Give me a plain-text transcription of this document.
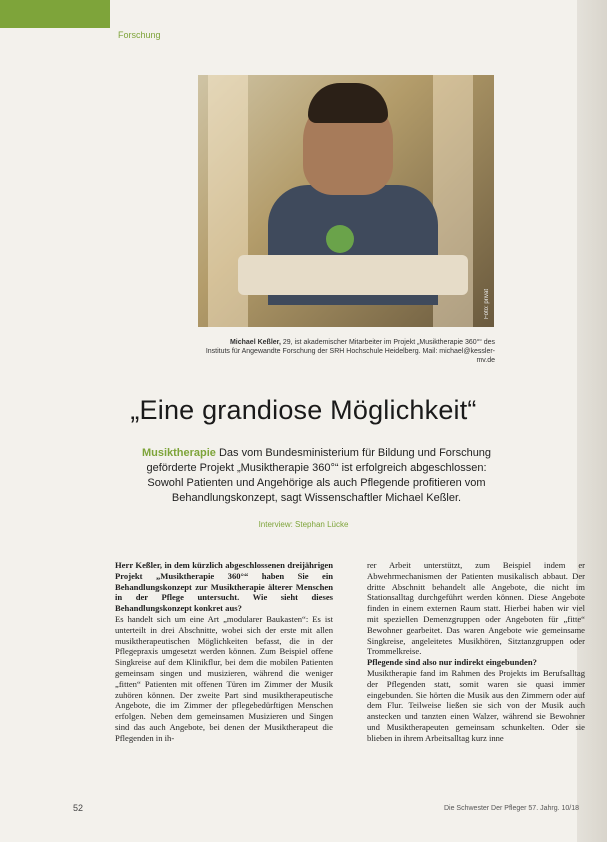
Forschung
Foto: privat
Michael Keßler, 29, ist akademischer Mitarbeiter im Projekt „Musiktherapie 360°“ des Instituts für Angewandte Forschung der SRH Hochschule Heidelberg. Mail: michael@kessler-mv.de
„Eine grandiose Möglichkeit“
Musiktherapie Das vom Bundesministerium für Bildung und Forschung geförderte Projekt „Musiktherapie 360°“ ist erfolgreich abgeschlossen: Sowohl Patienten und Angehörige als auch Pflegende profitieren vom Behandlungskonzept, sagt Wissenschaftler Michael Keßler.
Interview: Stephan Lücke

Herr Keßler, in dem kürzlich abgeschlossenen dreijährigen Projekt „Musiktherapie 360°“ haben Sie ein Behandlungskonzept zur Musiktherapie älterer Menschen in der Pflege untersucht. Wie sieht dieses Behandlungskonzept konkret aus?

Es handelt sich um eine Art „modularer Baukasten“: Es ist unterteilt in drei Abschnitte, wobei sich der erste mit allen musiktherapeutischen Möglichkeiten befasst, die in der Pflegepraxis umgesetzt werden können. Zum Beispiel offene Singkreise auf dem Klinikflur, bei dem die mobilen Patienten gemeinsam singen und musizieren, während die weniger „fitten“ Patienten mit offenen Türen im Zimmer der Musik zuhören können. Der zweite Part sind musiktherapeutische Angebote, die im Zimmer der pflegebedürftigen Menschen erfolgen. Neben dem gemeinsamen Musizieren und Singen sind das auch Angebote, bei denen der Musiktherapeut die Pflegenden in ih-

rer Arbeit unterstützt, zum Beispiel indem er Abwehrmechanismen der Patienten musikalisch abbaut. Der dritte Abschnitt behandelt alle Angebote, die nicht im Stationsalltag durchgeführt werden können. Diese Angebote finden in einem externen Raum statt. Hierbei haben wir viel mit speziellen Demenzgruppen oder Angeboten für „fitte“ Bewohner gearbeitet. Das waren Angebote wie gemeinsame Singkreise, angeleitetes Musikhören, Sitztanzgruppen oder Trommelkreise.

Pflegende sind also nur indirekt eingebunden?

Musiktherapie fand im Rahmen des Projekts im Berufsalltag der Pflegenden statt, somit waren sie quasi immer eingebunden. Sie hörten die Musik aus den Zimmern oder auf dem Flur. Teilweise ließen sie sich von der Musik auch anstecken und tanzten einen Walzer, während sie Bewohner und Musiktherapeuten gemeinsam schunkelten. Oder sie blieben in ihrem Arbeitsalltag kurz inne

52	Die Schwester Der Pfleger 57. Jahrg. 10/18
